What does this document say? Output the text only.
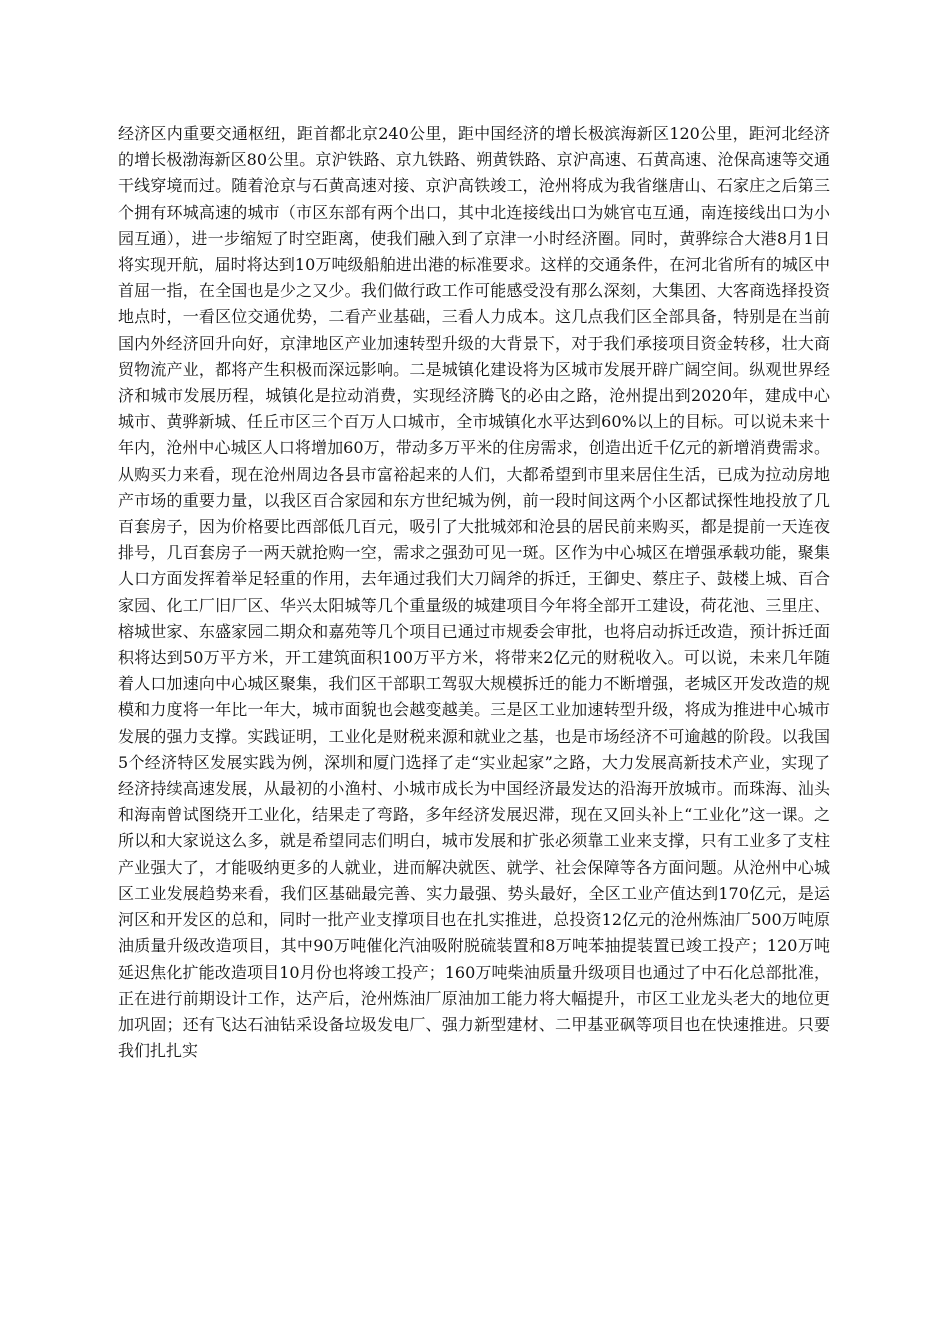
经济区内重要交通枢纽，距首都北京240公里，距中国经济的增长极滨海新区120公里，距河北经济的增长极渤海新区80公里。京沪铁路、京九铁路、朔黄铁路、京沪高速、石黄高速、沧保高速等交通干线穿境而过。随着沧京与石黄高速对接、京沪高铁竣工，沧州将成为我省继唐山、石家庄之后第三个拥有环城高速的城市（市区东部有两个出口，其中北连接线出口为姚官屯互通，南连接线出口为小园互通），进一步缩短了时空距离，使我们融入到了京津一小时经济圈。同时，黄骅综合大港8月1日将实现开航，届时将达到10万吨级船舶进出港的标准要求。这样的交通条件，在河北省所有的城区中首屈一指，在全国也是少之又少。我们做行政工作可能感受没有那么深刻，大集团、大客商选择投资地点时，一看区位交通优势，二看产业基础，三看人力成本。这几点我们区全部具备，特别是在当前国内外经济回升向好，京津地区产业加速转型升级的大背景下，对于我们承接项目资金转移，壮大商贸物流产业，都将产生积极而深远影响。二是城镇化建设将为区城市发展开辟广阔空间。纵观世界经济和城市发展历程，城镇化是拉动消费，实现经济腾飞的必由之路，沧州提出到2020年，建成中心城市、黄骅新城、任丘市区三个百万人口城市，全市城镇化水平达到60%以上的目标。可以说未来十年内，沧州中心城区人口将增加60万，带动多万平米的住房需求，创造出近千亿元的新增消费需求。从购买力来看，现在沧州周边各县市富裕起来的人们，大都希望到市里来居住生活，已成为拉动房地产市场的重要力量，以我区百合家园和东方世纪城为例，前一段时间这两个小区都试探性地投放了几百套房子，因为价格要比西部低几百元，吸引了大批城郊和沧县的居民前来购买，都是提前一天连夜排号，几百套房子一两天就抢购一空，需求之强劲可见一斑。区作为中心城区在增强承载功能，聚集人口方面发挥着举足轻重的作用，去年通过我们大刀阔斧的拆迁，王御史、蔡庄子、鼓楼上城、百合家园、化工厂旧厂区、华兴太阳城等几个重量级的城建项目今年将全部开工建设，荷花池、三里庄、榕城世家、东盛家园二期众和嘉苑等几个项目已通过市规委会审批，也将启动拆迁改造，预计拆迁面积将达到50万平方米，开工建筑面积100万平方米，将带来2亿元的财税收入。可以说，未来几年随着人口加速向中心城区聚集，我们区干部职工驾驭大规模拆迁的能力不断增强，老城区开发改造的规模和力度将一年比一年大，城市面貌也会越变越美。三是区工业加速转型升级，将成为推进中心城市发展的强力支撑。实践证明，工业化是财税来源和就业之基，也是市场经济不可逾越的阶段。以我国5个经济特区发展实践为例，深圳和厦门选择了走“实业起家”之路，大力发展高新技术产业，实现了经济持续高速发展，从最初的小渔村、小城市成长为中国经济最发达的沿海开放城市。而珠海、汕头和海南曾试图绕开工业化，结果走了弯路，多年经济发展迟滞，现在又回头补上“工业化”这一课。之所以和大家说这么多，就是希望同志们明白，城市发展和扩张必须靠工业来支撑，只有工业多了支柱产业强大了，才能吸纳更多的人就业，进而解决就医、就学、社会保障等各方面问题。从沧州中心城区工业发展趋势来看，我们区基础最完善、实力最强、势头最好，全区工业产值达到170亿元，是运河区和开发区的总和，同时一批产业支撑项目也在扎实推进，总投资12亿元的沧州炼油厂500万吨原油质量升级改造项目，其中90万吨催化汽油吸附脱硫装置和8万吨苯抽提装置已竣工投产；120万吨延迟焦化扩能改造项目10月份也将竣工投产；160万吨柴油质量升级项目也通过了中石化总部批准，正在进行前期设计工作，达产后，沧州炼油厂原油加工能力将大幅提升，市区工业龙头老大的地位更加巩固；还有飞达石油钻采设备垃圾发电厂、强力新型建材、二甲基亚砜等项目也在快速推进。只要我们扎扎实
